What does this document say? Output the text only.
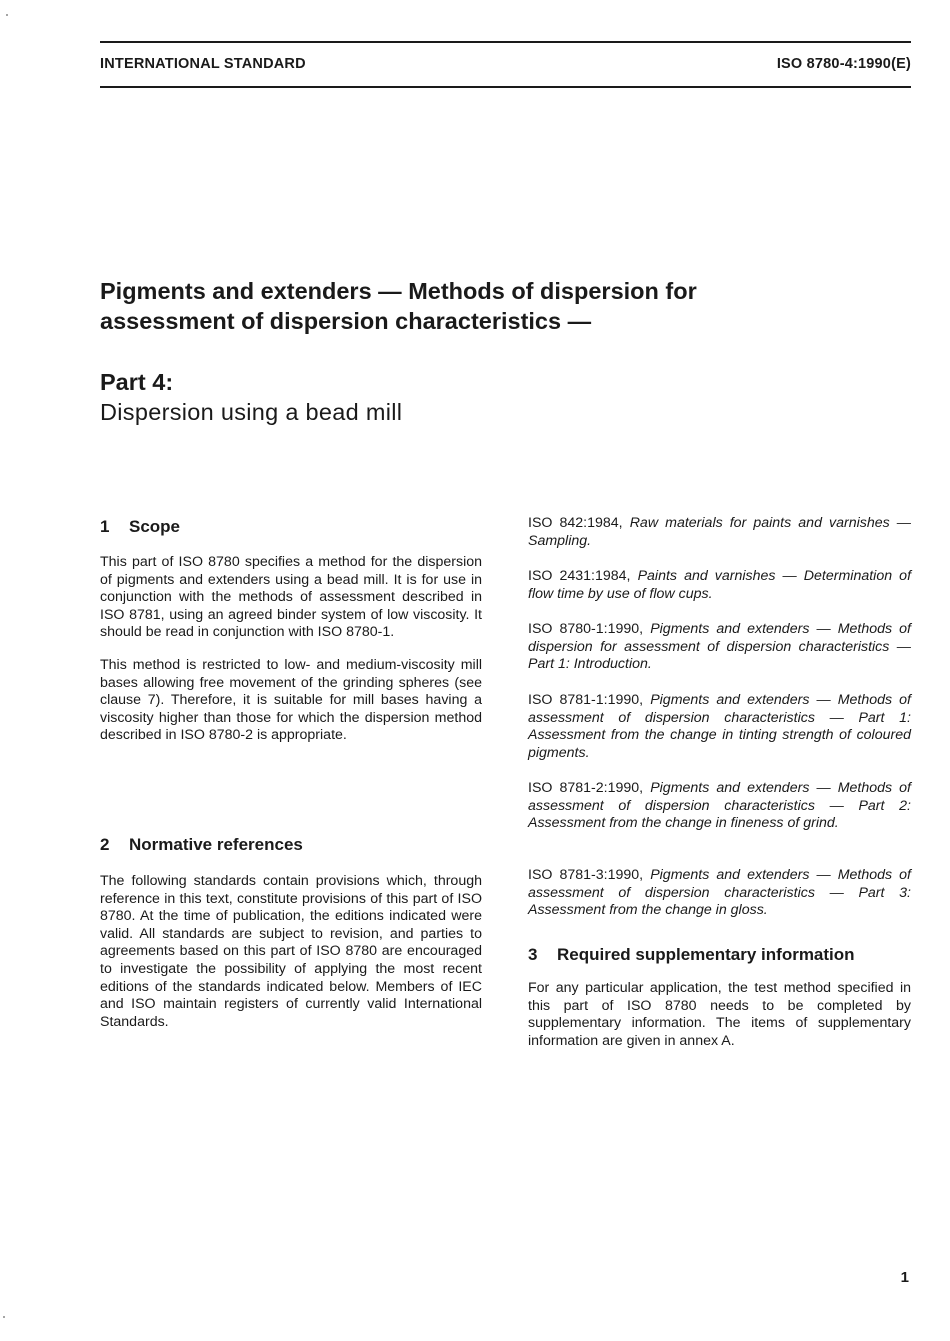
INTERNATIONAL STANDARD	ISO 8780-4:1990(E)
Pigments and extenders — Methods of dispersion for
assessment of dispersion characteristics —
Part 4:
Dispersion using a bead mill
1 Scope

This part of ISO 8780 specifies a method for the dispersion of pigments and extenders using a bead mill. It is for use in conjunction with the methods of assessment described in ISO 8781, using an agreed binder system of low viscosity. It should be read in conjunction with ISO 8780-1.

This method is restricted to low- and medium-viscosity mill bases allowing free movement of the grinding spheres (see clause 7). Therefore, it is suitable for mill bases having a viscosity higher than those for which the dispersion method described in ISO 8780-2 is appropriate.

2 Normative references

The following standards contain provisions which, through reference in this text, constitute provisions of this part of ISO 8780. At the time of publication, the editions indicated were valid. All standards are subject to revision, and parties to agreements based on this part of ISO 8780 are encouraged to investigate the possibility of applying the most recent editions of the standards indicated below. Members of IEC and ISO maintain registers of currently valid International Standards.

ISO 842:1984, Raw materials for paints and varnishes — Sampling.
ISO 2431:1984, Paints and varnishes — Determination of flow time by use of flow cups.
ISO 8780-1:1990, Pigments and extenders — Methods of dispersion for assessment of dispersion characteristics — Part 1: Introduction.
ISO 8781-1:1990, Pigments and extenders — Methods of assessment of dispersion characteristics — Part 1: Assessment from the change in tinting strength of coloured pigments.
ISO 8781-2:1990, Pigments and extenders — Methods of assessment of dispersion characteristics — Part 2: Assessment from the change in fineness of grind.
ISO 8781-3:1990, Pigments and extenders — Methods of assessment of dispersion characteristics — Part 3: Assessment from the change in gloss.
3 Required supplementary information

For any particular application, the test method specified in this part of ISO 8780 needs to be completed by supplementary information. The items of supplementary information are given in annex A.

1
